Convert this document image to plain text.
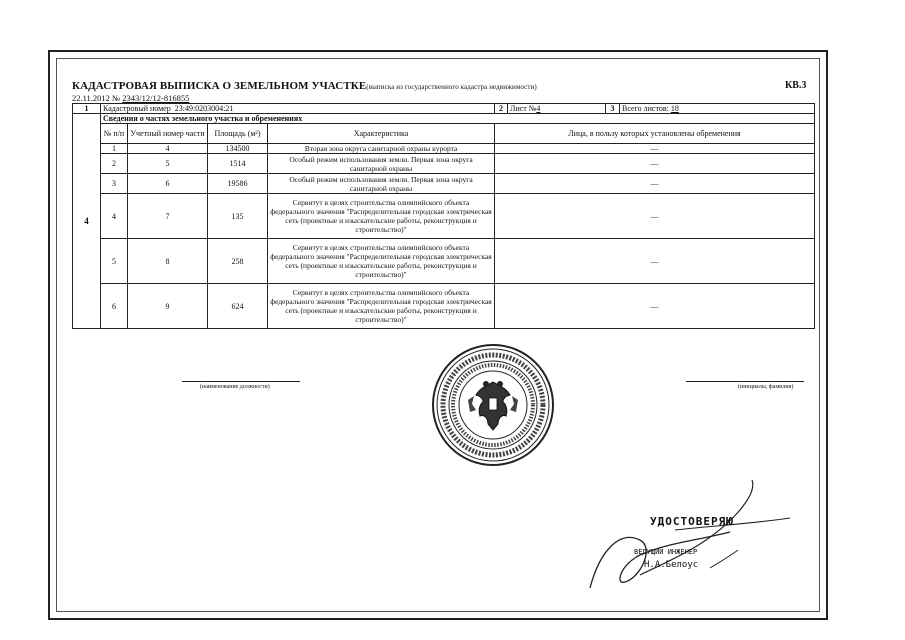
КАДАСТРОВАЯ ВЫПИСКА О ЗЕМЕЛЬНОМ УЧАСТКЕ(выписка из государственного кадастра недвижимости)
22.11.2012 № 2343/12/12-816855
КВ.3
1	Кадастровый номер 23:49:0203004:21				2	Лист №4	3	Всего листов: 18
4	Сведения о частях земельного участка и обременениях							
	№ п/п	Учетный номер части	Площадь (м²)	Характеристика	Лица, в пользу которых установлены обременения			
	1	4	134500	Вторая зона округа санитарной охраны курорта	—			
	2	5	1514	Особый режим использования земли. Первая зона округа санитарной охраны	—			
	3	6	19586	Особый режим использования земли. Первая зона округа санитарной охраны	—			
	4	7	135	Сервитут в целях строительства олимпийского объекта федерального значения "Распределительная городская электрическая сеть (проектные и изыскательские работы, реконструкция и строительство)"	—			
	5	8	258	Сервитут в целях строительства олимпийского объекта федерального значения "Распределительная городская электрическая сеть (проектные и изыскательские работы, реконструкция и строительство)"	—			
	6	9	624	Сервитут в целях строительства олимпийского объекта федерального значения "Распределительная городская электрическая сеть (проектные и изыскательские работы, реконструкция и строительство)"	—			
(наименование должности)	(инициалы, фамилия)
УДОСТОВЕРЯЮ
ВЕДУЩИЙ ИНЖЕНЕР
Н.А.Белоус
